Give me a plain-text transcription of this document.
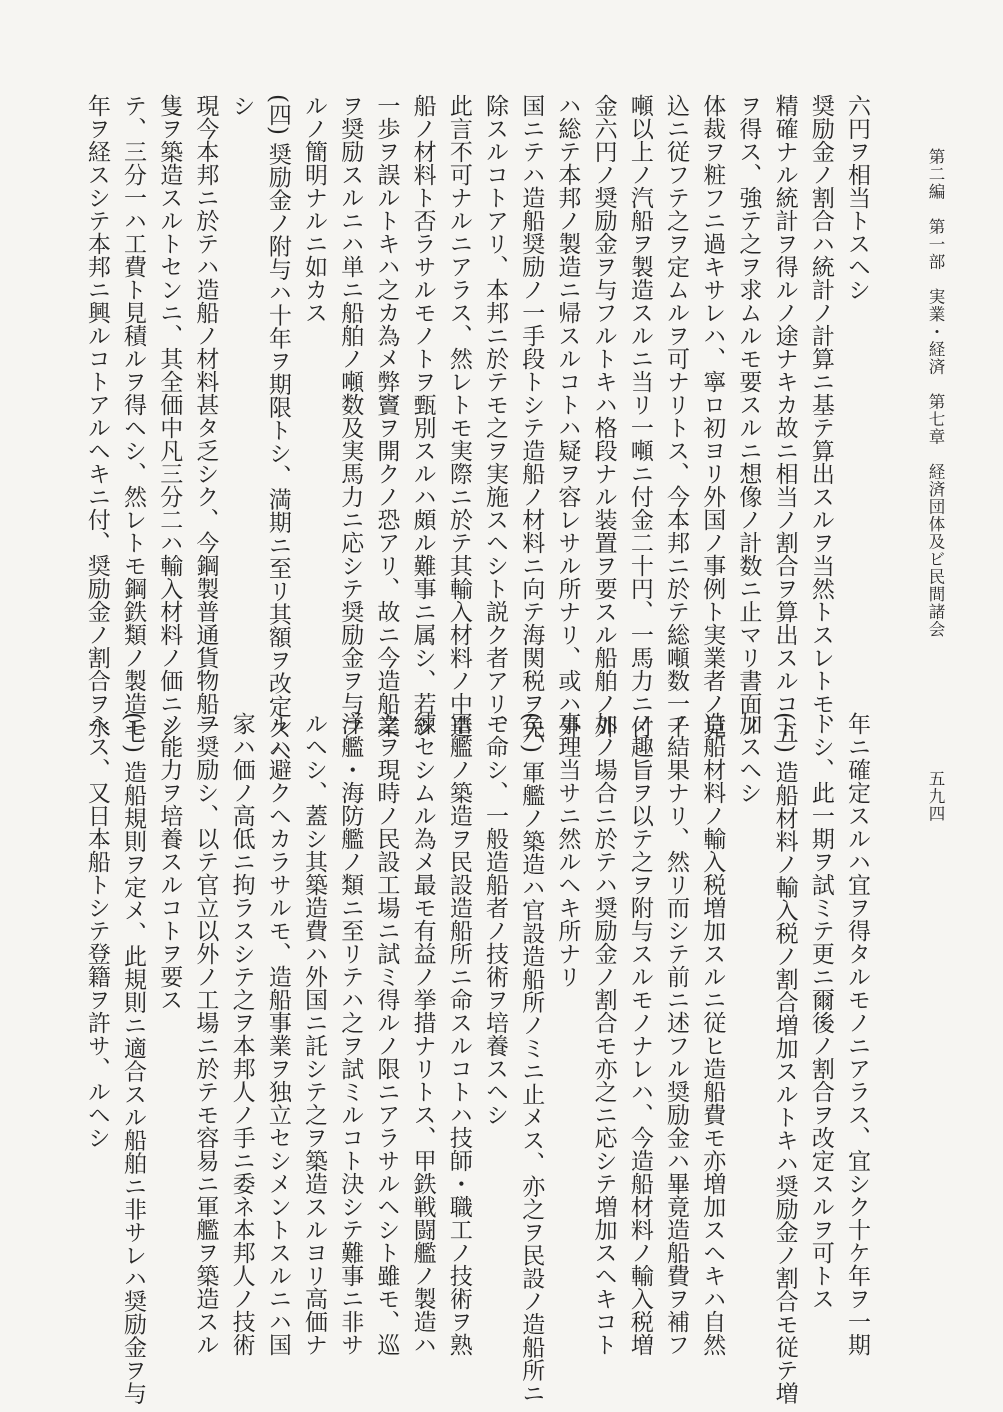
第二編　第一部　実業・経済　第七章　経済団体及ビ民間諸会
五九四
六円ヲ相当トスヘシ
奨励金ノ割合ハ統計ノ計算ニ基テ算出スルヲ当然トスレトモ、
精確ナル統計ヲ得ルノ途ナキカ故ニ相当ノ割合ヲ算出スルコト
ヲ得ス、強テ之ヲ求ムルモ要スルニ想像ノ計数ニ止マリ書面ノ
体裁ヲ粧フニ過キサレハ、寧ロ初ヨリ外国ノ事例ト実業者ノ見
込ニ従フテ之ヲ定ムルヲ可ナリトス、今本邦ニ於テ総噸数一千
噸以上ノ汽船ヲ製造スルニ当リ一噸ニ付金二十円、一馬力ニ付
金六円ノ奨励金ヲ与フルトキハ格段ナル装置ヲ要スル船舶ノ外
ハ総テ本邦ノ製造ニ帰スルコトハ疑ヲ容レサル所ナリ、或ハ外
国ニテハ造船奨励ノ一手段トシテ造船ノ材料ニ向テ海関税ヲ免
除スルコトアリ、本邦ニ於テモ之ヲ実施スヘシト説ク者アリ、
此言不可ナルニアラス、然レトモ実際ニ於テ其輸入材料ノ中造
船ノ材料ト否ラサルモノトヲ甄別スルハ頗ル難事ニ属シ、若シ
一歩ヲ誤ルトキハ之カ為メ弊竇ヲ開クノ恐アリ、故ニ今造船業
ヲ奨励スルニハ単ニ船舶ノ噸数及実馬力ニ応シテ奨励金ヲ与フ
ルノ簡明ナルニ如カス
(四) 奨励金ノ附与ハ十年ヲ期限トシ、満期ニ至リ其額ヲ改定スヘ
シ
現今本邦ニ於テハ造船ノ材料甚タ乏シク、今鋼製普通貨物船一
隻ヲ築造スルトセンニ、其全価中凡三分二ハ輸入材料ノ価ニシ
テ、三分一ハ工費ト見積ルヲ得ヘシ、然レトモ鋼鉄類ノ製造モ
年ヲ経スシテ本邦ニ興ルコトアルヘキニ付、奨励金ノ割合ヲ永
年ニ確定スルハ宜ヲ得タルモノニアラス、宜シク十ケ年ヲ一期
トシ、此一期ヲ試ミテ更ニ爾後ノ割合ヲ改定スルヲ可トス
(五) 造船材料ノ輸入税ノ割合増加スルトキハ奨励金ノ割合モ従テ増
加スヘシ
造船材料ノ輸入税増加スルニ従ヒ造船費モ亦増加スヘキハ自然
ノ結果ナリ、然リ而シテ前ニ述フル奨励金ハ畢竟造船費ヲ補フ
ノ趣旨ヲ以テ之ヲ附与スルモノナレハ、今造船材料ノ輸入税増
加ノ場合ニ於テハ奨励金ノ割合モ亦之ニ応シテ増加スヘキコト
事理当サニ然ルヘキ所ナリ
(六) 軍艦ノ築造ハ官設造船所ノミニ止メス、亦之ヲ民設ノ造船所ニ
モ命シ、一般造船者ノ技術ヲ培養スヘシ
軍艦ノ築造ヲ民設造船所ニ命スルコトハ技師・職工ノ技術ヲ熟
練セシムル為メ最モ有益ノ挙措ナリトス、甲鉄戦闘艦ノ製造ハ
之ヲ現時ノ民設工場ニ試ミ得ルノ限ニアラサルヘシト雖モ、巡
洋艦・海防艦ノ類ニ至リテハ之ヲ試ミルコト決シテ難事ニ非サ
ルヘシ、蓋シ其築造費ハ外国ニ託シテ之ヲ築造スルヨリ高価ナ
ルハ避クヘカラサルモ、造船事業ヲ独立セシメントスルニハ国
家ハ価ノ高低ニ拘ラスシテ之ヲ本邦人ノ手ニ委ネ本邦人ノ技術
ヲ奨励シ、以テ官立以外ノ工場ニ於テモ容易ニ軍艦ヲ築造スル
ノ能力ヲ培養スルコトヲ要ス
(七) 造船規則ヲ定メ、此規則ニ適合スル船舶ニ非サレハ奨励金ヲ与
ヘス、又日本船トシテ登籍ヲ許サ、ルヘシ
